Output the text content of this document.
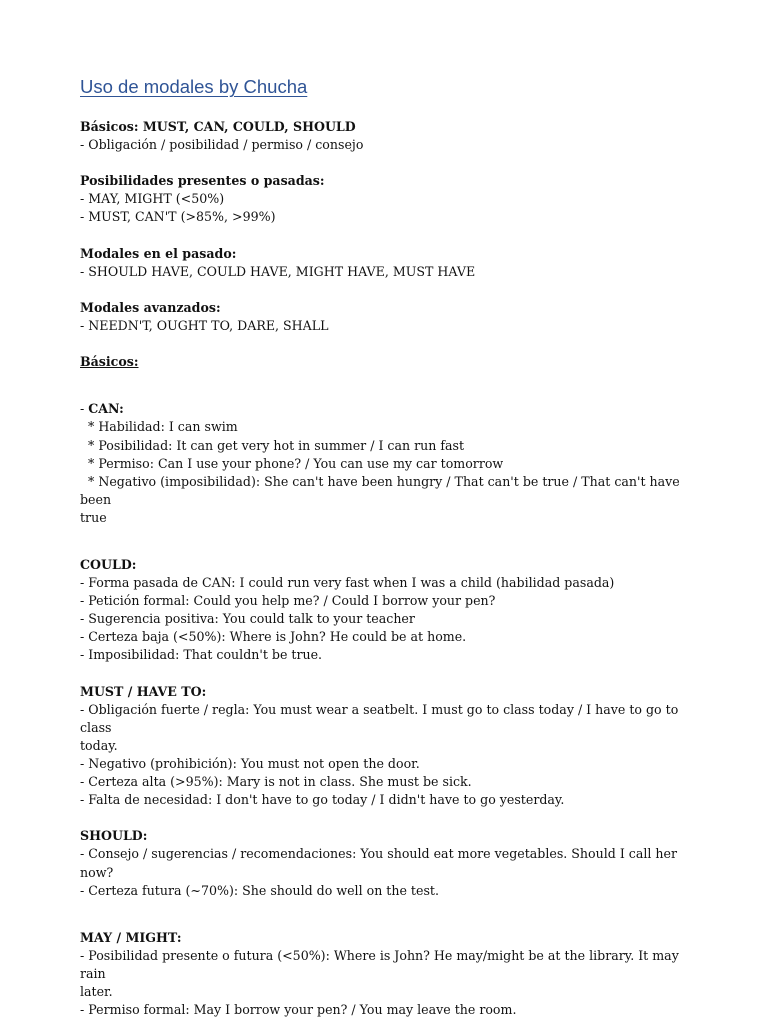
Uso de modales by Chucha

Básicos: MUST, CAN, COULD, SHOULD

- Obligación / posibilidad / permiso / consejo

Posibilidades presentes o pasadas:

- MAY, MIGHT (<50%)

- MUST, CAN'T (>85%, >99%)

Modales en el pasado:

- SHOULD HAVE, COULD HAVE, MIGHT HAVE, MUST HAVE

Modales avanzados:

- NEEDN'T, OUGHT TO, DARE, SHALL

Básicos:

- CAN:

* Habilidad: I can swim

* Posibilidad: It can get very hot in summer / I can run fast

* Permiso: Can I use your phone? / You can use my car tomorrow

* Negativo (imposibilidad): She can't have been hungry / That can't be true / That can't have been

true

COULD:

- Forma pasada de CAN: I could run very fast when I was a child (habilidad pasada)

- Petición formal: Could you help me? / Could I borrow your pen?

- Sugerencia positiva: You could talk to your teacher

- Certeza baja (<50%): Where is John? He could be at home.

- Imposibilidad: That couldn't be true.

MUST / HAVE TO:

- Obligación fuerte / regla: You must wear a seatbelt. I must go to class today / I have to go to class

today.

- Negativo (prohibición): You must not open the door.

- Certeza alta (>95%): Mary is not in class. She must be sick.

- Falta de necesidad: I don't have to go today / I didn't have to go yesterday.

SHOULD:

- Consejo / sugerencias / recomendaciones: You should eat more vegetables. Should I call her now?

- Certeza futura (~70%): She should do well on the test.

MAY / MIGHT:

- Posibilidad presente o futura (<50%): Where is John? He may/might be at the library. It may rain

later.

- Permiso formal: May I borrow your pen? / You may leave the room.
